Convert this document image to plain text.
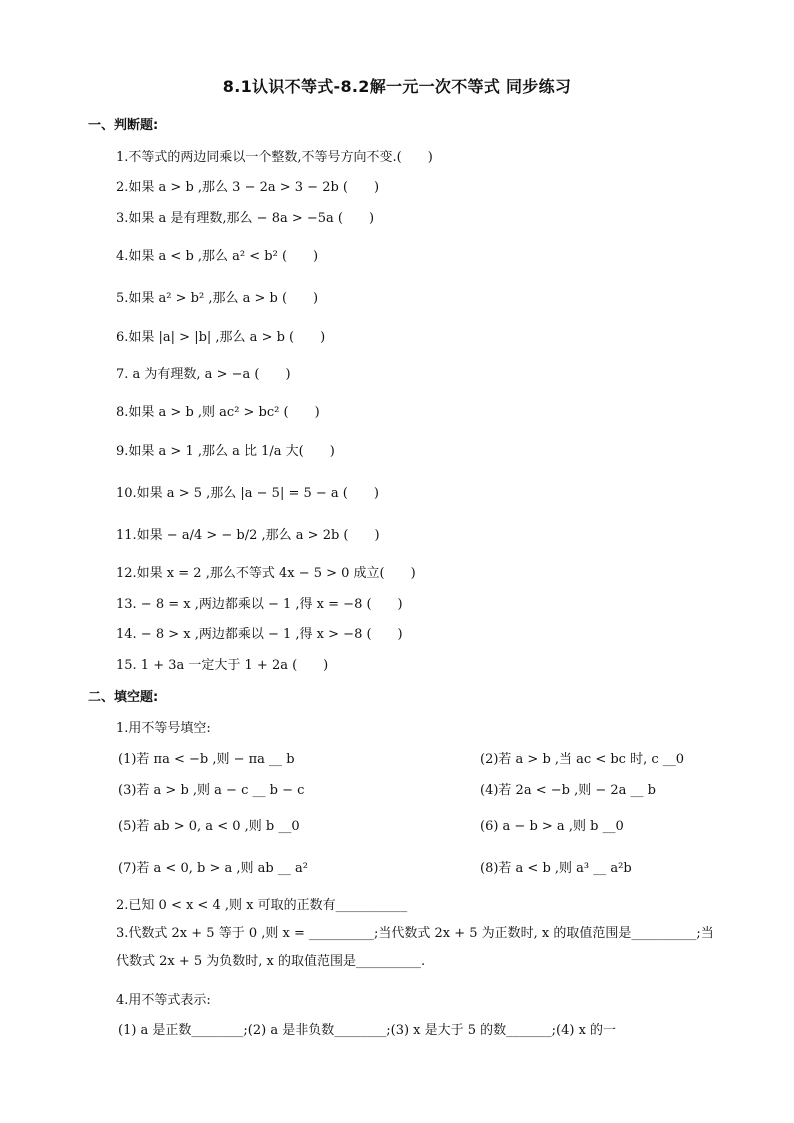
8.1认识不等式-8.2解一元一次不等式 同步练习
一、判断题:
1.不等式的两边同乘以一个整数,不等号方向不变.(　　)
2.如果 a > b ,那么 3 − 2a > 3 − 2b (　　)
3.如果 a 是有理数,那么 − 8a > −5a (　　)
4.如果 a < b ,那么 a² < b² (　　)
5.如果 a² > b² ,那么 a > b (　　)
6.如果 |a| > |b| ,那么 a > b (　　)
7. a 为有理数, a > −a (　　)
8.如果 a > b ,则 ac² > bc² (　　)
9.如果 a > 1 ,那么 a 比 1/a 大(　　)
10.如果 a > 5 ,那么 |a − 5| = 5 − a (　　)
11.如果 − a/4 > − b/2 ,那么 a > 2b (　　)
12.如果 x = 2 ,那么不等式 4x − 5 > 0 成立(　　)
13. − 8 = x ,两边都乘以 − 1 ,得 x = −8 (　　)
14. − 8 > x ,两边都乘以 − 1 ,得 x > −8 (　　)
15. 1 + 3a 一定大于 1 + 2a (　　)
二、填空题:
1.用不等号填空:
(1)若 πa < −b ,则 − πa __ b	(2)若 a > b ,当 ac < bc 时, c __0
(3)若 a > b ,则 a − c __ b − c	(4)若 2a < −b ,则 − 2a __ b
(5)若 ab > 0, a < 0 ,则 b __0	(6) a − b > a ,则 b __0
(7)若 a < 0, b > a ,则 ab __ a²	(8)若 a < b ,则 a³ __ a²b
2.已知 0 < x < 4 ,则 x 可取的正数有___________
3.代数式 2x + 5 等于 0 ,则 x = __________;当代数式 2x + 5 为正数时, x 的取值范围是__________;当代数式 2x + 5 为负数时, x 的取值范围是__________.
4.用不等式表示:
(1) a 是正数________;(2) a 是非负数________;(3) x 是大于 5 的数_______;(4) x 的一
